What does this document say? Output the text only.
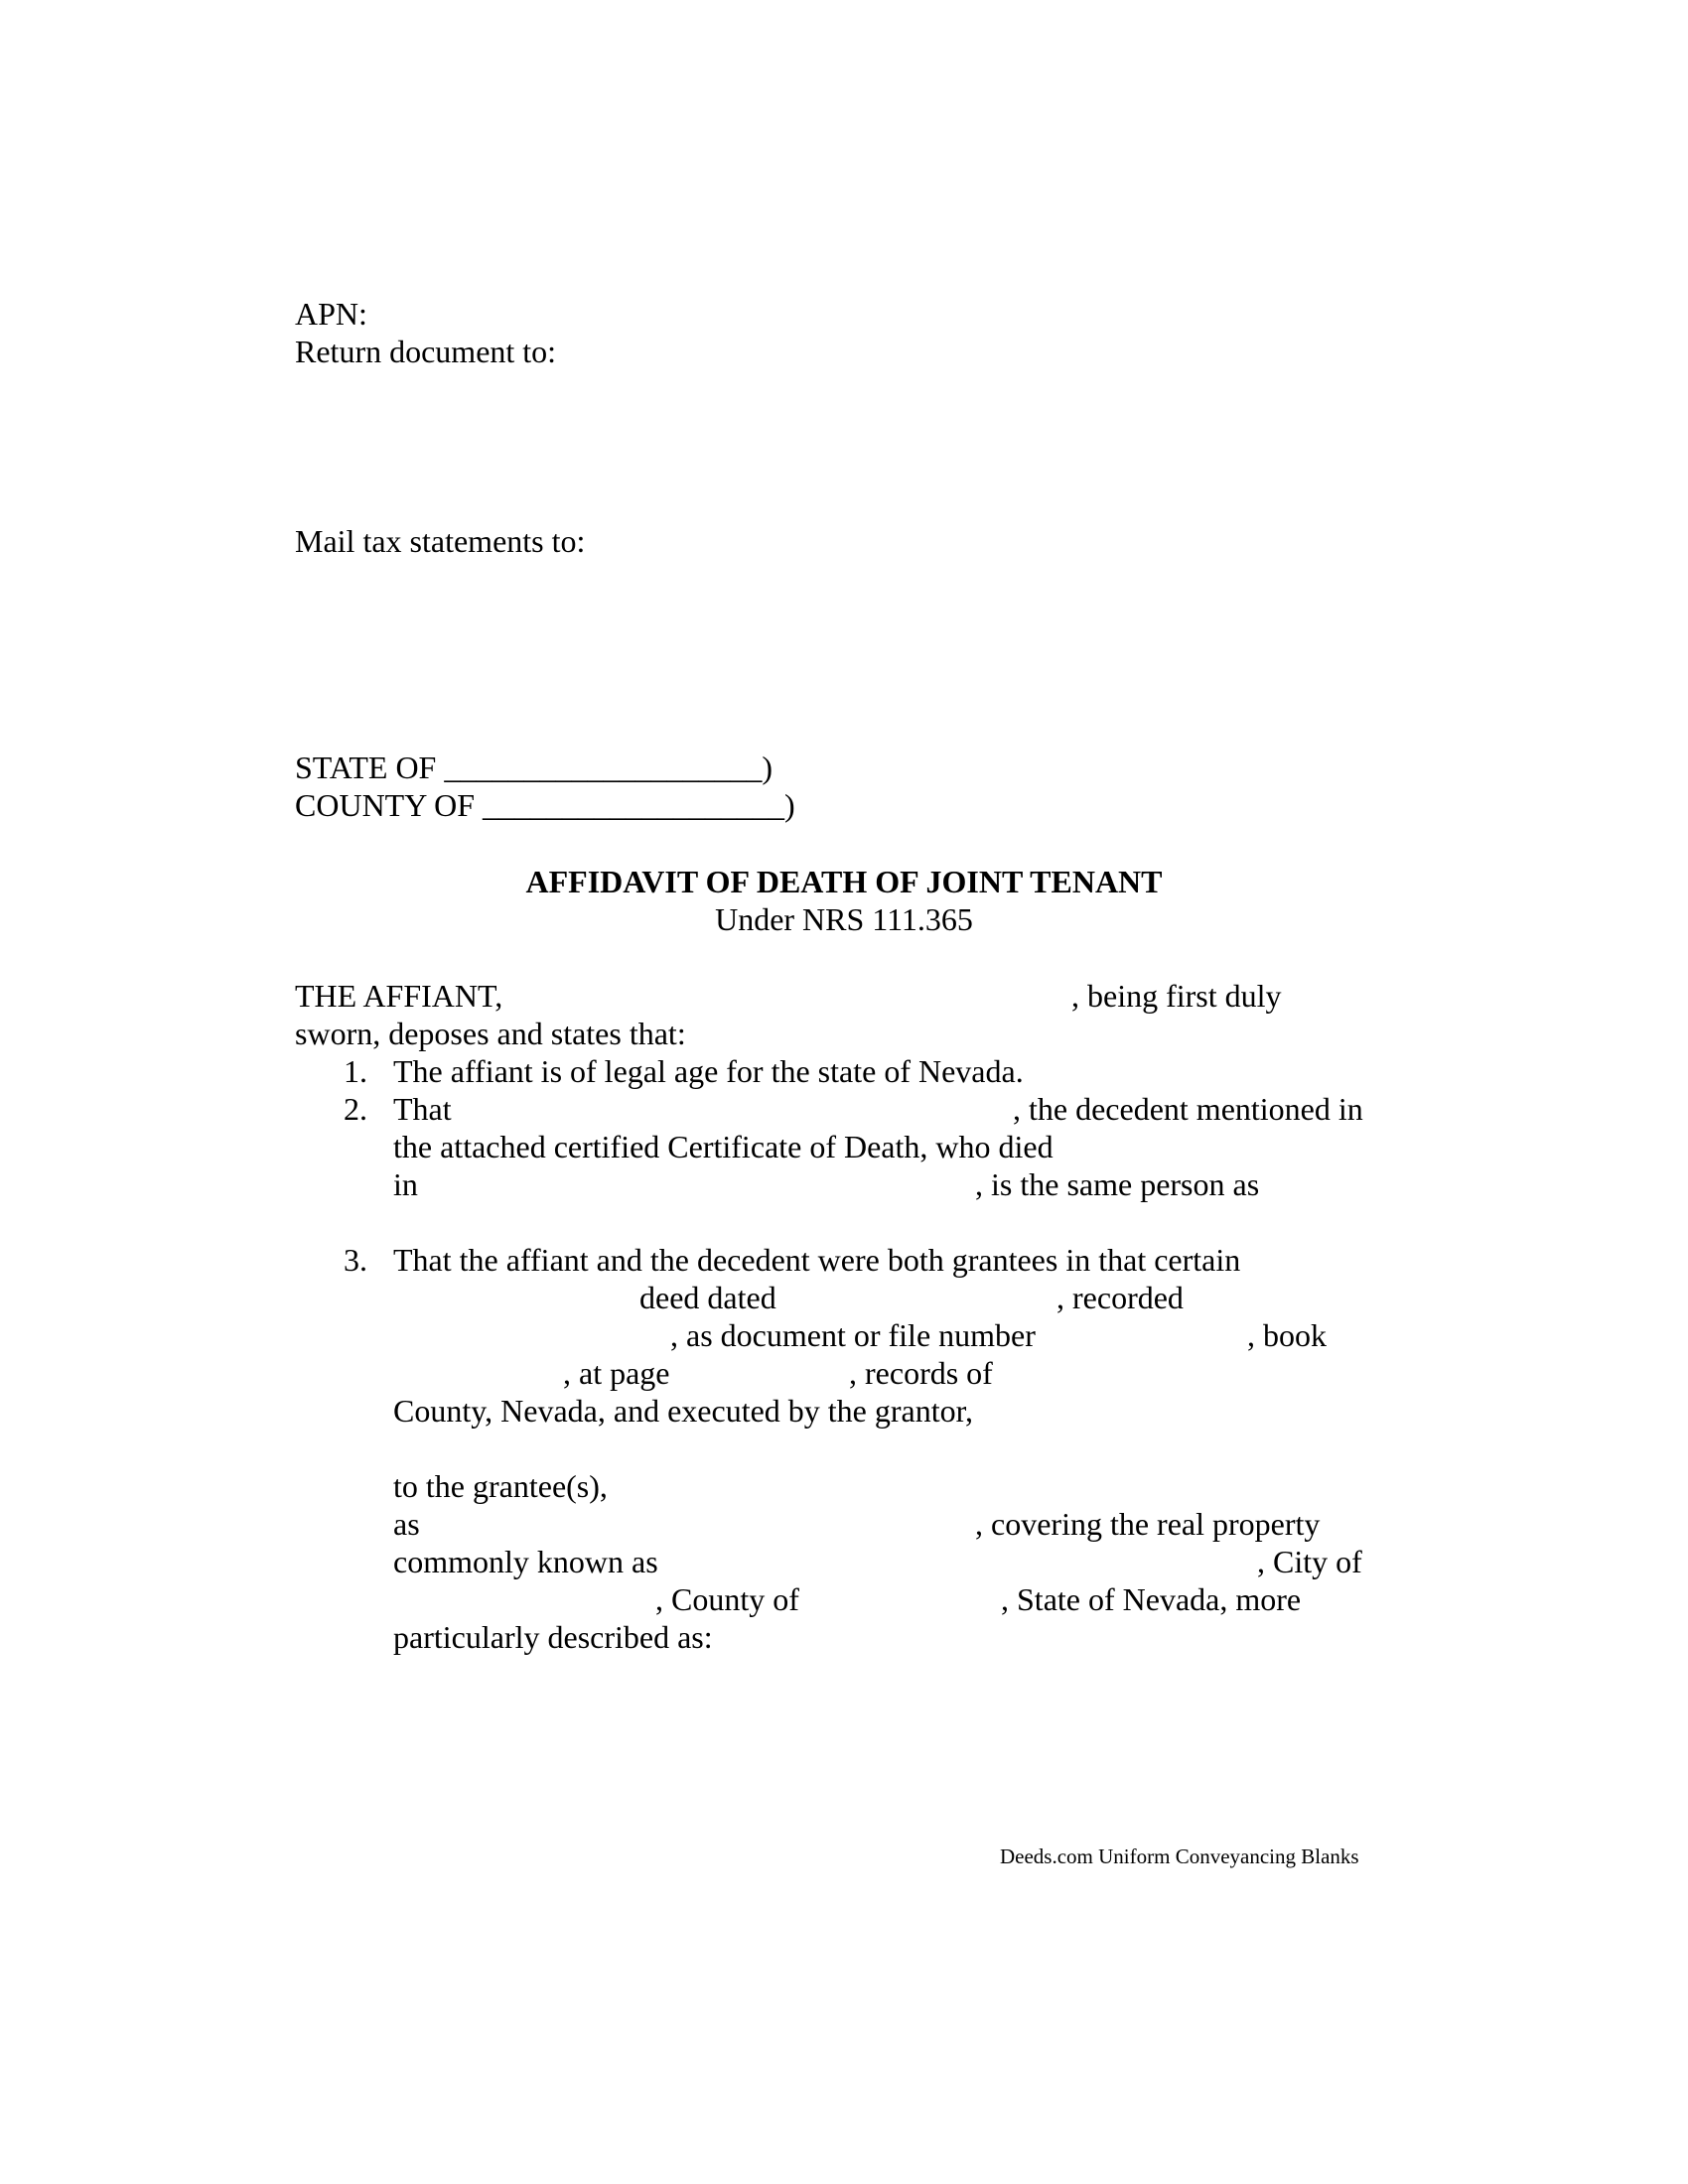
APN:
Return document to:
Mail tax statements to:
STATE OF ____________________)
COUNTY OF ___________________)
AFFIDAVIT OF DEATH OF JOINT TENANT
Under NRS 111.365
THE AFFIANT,	, being first duly
sworn, deposes and states that:
1. The affiant is of legal age for the state of Nevada.
2. That	, the decedent mentioned in
the attached certified Certificate of Death, who died
in	, is the same person as
3. That the affiant and the decedent were both grantees in that certain
deed dated	, recorded
, as document or file number	, book
, at page	, records of
County, Nevada, and executed by the grantor,
to the grantee(s),
as	, covering the real property
commonly known as	, City of
, County of	, State of Nevada, more
particularly described as:
Deeds.com Uniform Conveyancing Blanks
